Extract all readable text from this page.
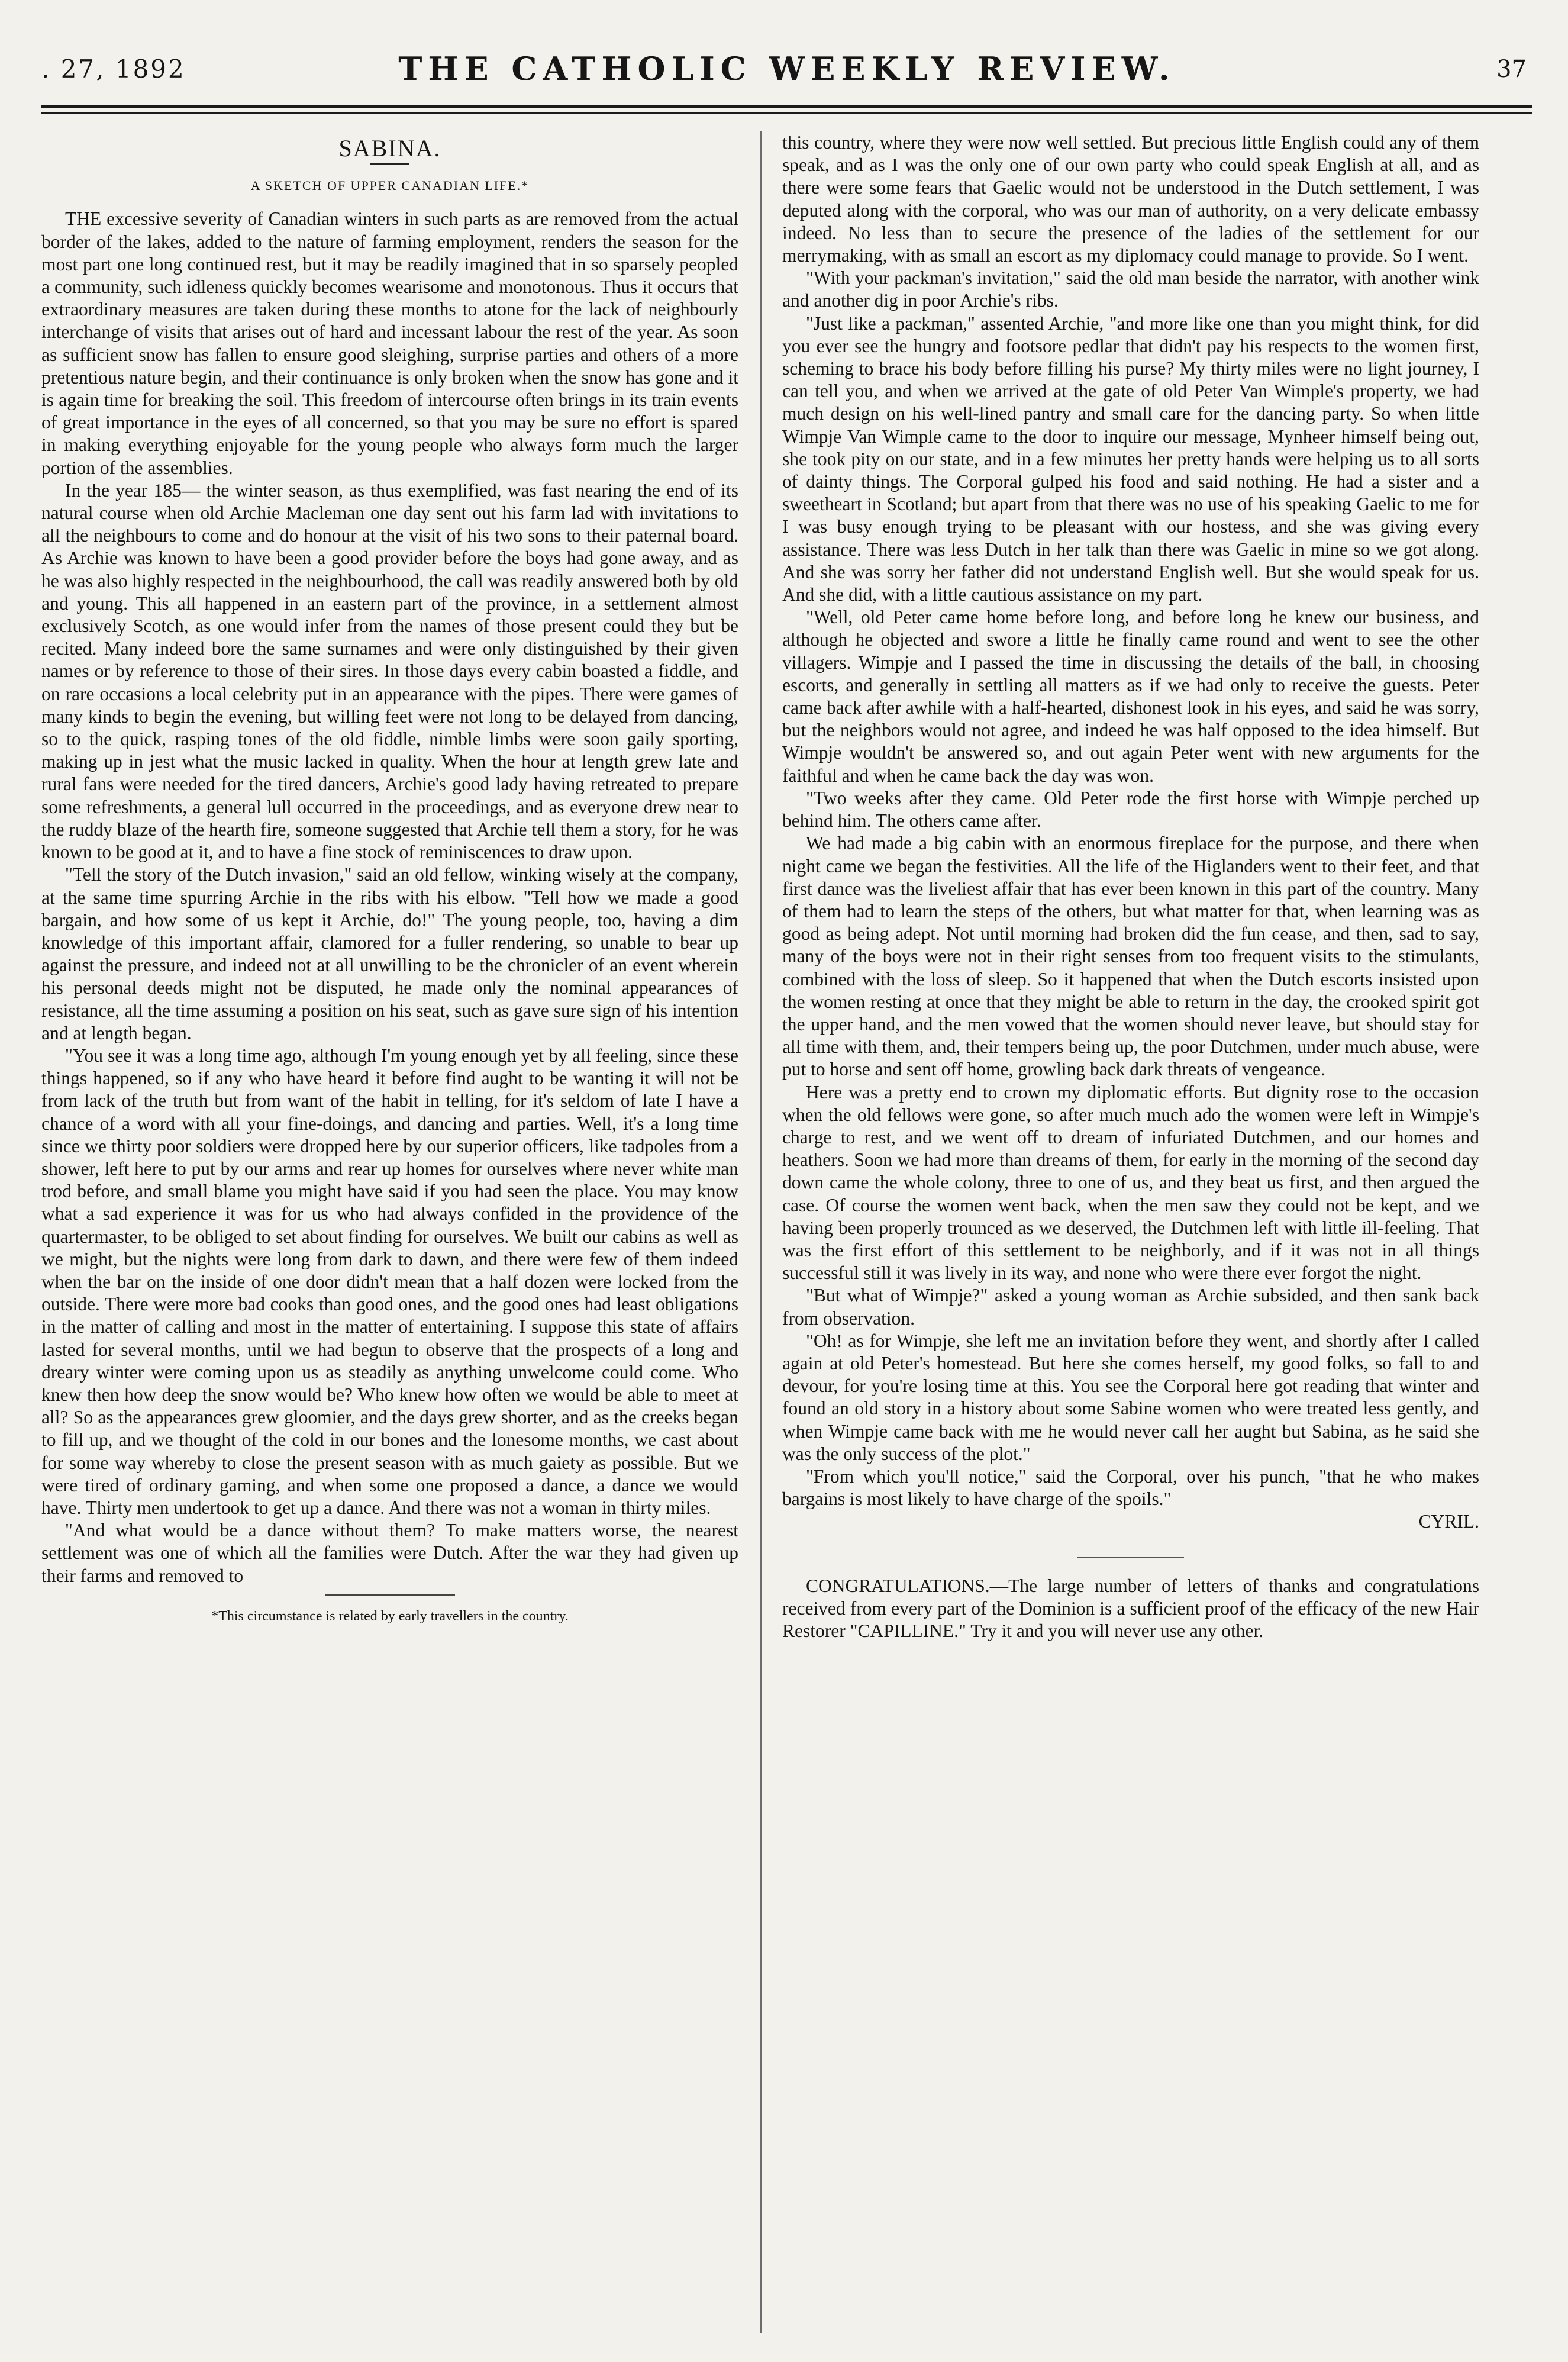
. 27, 1892	THE CATHOLIC WEEKLY REVIEW.	37
SABINA.
A SKETCH OF UPPER CANADIAN LIFE.*

THE excessive severity of Canadian winters in such parts as are removed from the actual border of the lakes, added to the nature of farming employment, renders the season for the most part one long continued rest, but it may be readily imagined that in so sparsely peopled a community, such idleness quickly becomes wearisome and monotonous. Thus it occurs that extraordinary measures are taken during these months to atone for the lack of neighbourly interchange of visits that arises out of hard and incessant labour the rest of the year. As soon as sufficient snow has fallen to ensure good sleighing, surprise parties and others of a more pretentious nature begin, and their continuance is only broken when the snow has gone and it is again time for breaking the soil. This freedom of intercourse often brings in its train events of great importance in the eyes of all concerned, so that you may be sure no effort is spared in making everything enjoyable for the young people who always form much the larger portion of the assemblies.

In the year 185— the winter season, as thus exemplified, was fast nearing the end of its natural course when old Archie Macleman one day sent out his farm lad with invitations to all the neighbours to come and do honour at the visit of his two sons to their paternal board. As Archie was known to have been a good provider before the boys had gone away, and as he was also highly respected in the neighbourhood, the call was readily answered both by old and young. This all happened in an eastern part of the province, in a settlement almost exclusively Scotch, as one would infer from the names of those present could they but be recited. Many indeed bore the same surnames and were only distinguished by their given names or by reference to those of their sires. In those days every cabin boasted a fiddle, and on rare occasions a local celebrity put in an appearance with the pipes. There were games of many kinds to begin the evening, but willing feet were not long to be delayed from dancing, so to the quick, rasping tones of the old fiddle, nimble limbs were soon gaily sporting, making up in jest what the music lacked in quality. When the hour at length grew late and rural fans were needed for the tired dancers, Archie's good lady having retreated to prepare some refreshments, a general lull occurred in the proceedings, and as everyone drew near to the ruddy blaze of the hearth fire, someone suggested that Archie tell them a story, for he was known to be good at it, and to have a fine stock of reminiscences to draw upon.

"Tell the story of the Dutch invasion," said an old fellow, winking wisely at the company, at the same time spurring Archie in the ribs with his elbow. "Tell how we made a good bargain, and how some of us kept it Archie, do!" The young people, too, having a dim knowledge of this important affair, clamored for a fuller rendering, so unable to bear up against the pressure, and indeed not at all unwilling to be the chronicler of an event wherein his personal deeds might not be disputed, he made only the nominal appearances of resistance, all the time assuming a position on his seat, such as gave sure sign of his intention and at length began.

"You see it was a long time ago, although I'm young enough yet by all feeling, since these things happened, so if any who have heard it before find aught to be wanting it will not be from lack of the truth but from want of the habit in telling, for it's seldom of late I have a chance of a word with all your fine-doings, and dancing and parties. Well, it's a long time since we thirty poor soldiers were dropped here by our superior officers, like tadpoles from a shower, left here to put by our arms and rear up homes for ourselves where never white man trod before, and small blame you might have said if you had seen the place. You may know what a sad experience it was for us who had always confided in the providence of the quartermaster, to be obliged to set about finding for ourselves. We built our cabins as well as we might, but the nights were long from dark to dawn, and there were few of them indeed when the bar on the inside of one door didn't mean that a half dozen were locked from the outside. There were more bad cooks than good ones, and the good ones had least obligations in the matter of calling and most in the matter of entertaining. I suppose this state of affairs lasted for several months, until we had begun to observe that the prospects of a long and dreary winter were coming upon us as steadily as anything unwelcome could come. Who knew then how deep the snow would be? Who knew how often we would be able to meet at all? So as the appearances grew gloomier, and the days grew shorter, and as the creeks began to fill up, and we thought of the cold in our bones and the lonesome months, we cast about for some way whereby to close the present season with as much gaiety as possible. But we were tired of ordinary gaming, and when some one proposed a dance, a dance we would have. Thirty men undertook to get up a dance. And there was not a woman in thirty miles.

"And what would be a dance without them? To make matters worse, the nearest settlement was one of which all the families were Dutch. After the war they had given up their farms and removed to

*This circumstance is related by early travellers in the country.

this country, where they were now well settled. But precious little English could any of them speak, and as I was the only one of our own party who could speak English at all, and as there were some fears that Gaelic would not be understood in the Dutch settlement, I was deputed along with the corporal, who was our man of authority, on a very delicate embassy indeed. No less than to secure the presence of the ladies of the settlement for our merrymaking, with as small an escort as my diplomacy could manage to provide. So I went.

"With your packman's invitation," said the old man beside the narrator, with another wink and another dig in poor Archie's ribs.

"Just like a packman," assented Archie, "and more like one than you might think, for did you ever see the hungry and footsore pedlar that didn't pay his respects to the women first, scheming to brace his body before filling his purse? My thirty miles were no light journey, I can tell you, and when we arrived at the gate of old Peter Van Wimple's property, we had much design on his well-lined pantry and small care for the dancing party. So when little Wimpje Van Wimple came to the door to inquire our message, Mynheer himself being out, she took pity on our state, and in a few minutes her pretty hands were helping us to all sorts of dainty things. The Corporal gulped his food and said nothing. He had a sister and a sweetheart in Scotland; but apart from that there was no use of his speaking Gaelic to me for I was busy enough trying to be pleasant with our hostess, and she was giving every assistance. There was less Dutch in her talk than there was Gaelic in mine so we got along. And she was sorry her father did not understand English well. But she would speak for us. And she did, with a little cautious assistance on my part.

"Well, old Peter came home before long, and before long he knew our business, and although he objected and swore a little he finally came round and went to see the other villagers. Wimpje and I passed the time in discussing the details of the ball, in choosing escorts, and generally in settling all matters as if we had only to receive the guests. Peter came back after awhile with a half-hearted, dishonest look in his eyes, and said he was sorry, but the neighbors would not agree, and indeed he was half opposed to the idea himself. But Wimpje wouldn't be answered so, and out again Peter went with new arguments for the faithful and when he came back the day was won.

"Two weeks after they came. Old Peter rode the first horse with Wimpje perched up behind him. The others came after.

We had made a big cabin with an enormous fireplace for the purpose, and there when night came we began the festivities. All the life of the Higlanders went to their feet, and that first dance was the liveliest affair that has ever been known in this part of the country. Many of them had to learn the steps of the others, but what matter for that, when learning was as good as being adept. Not until morning had broken did the fun cease, and then, sad to say, many of the boys were not in their right senses from too frequent visits to the stimulants, combined with the loss of sleep. So it happened that when the Dutch escorts insisted upon the women resting at once that they might be able to return in the day, the crooked spirit got the upper hand, and the men vowed that the women should never leave, but should stay for all time with them, and, their tempers being up, the poor Dutchmen, under much abuse, were put to horse and sent off home, growling back dark threats of vengeance.

Here was a pretty end to crown my diplomatic efforts. But dignity rose to the occasion when the old fellows were gone, so after much much ado the women were left in Wimpje's charge to rest, and we went off to dream of infuriated Dutchmen, and our homes and heathers. Soon we had more than dreams of them, for early in the morning of the second day down came the whole colony, three to one of us, and they beat us first, and then argued the case. Of course the women went back, when the men saw they could not be kept, and we having been properly trounced as we deserved, the Dutchmen left with little ill-feeling. That was the first effort of this settlement to be neighborly, and if it was not in all things successful still it was lively in its way, and none who were there ever forgot the night.

"But what of Wimpje?" asked a young woman as Archie subsided, and then sank back from observation.

"Oh! as for Wimpje, she left me an invitation before they went, and shortly after I called again at old Peter's homestead. But here she comes herself, my good folks, so fall to and devour, for you're losing time at this. You see the Corporal here got reading that winter and found an old story in a history about some Sabine women who were treated less gently, and when Wimpje came back with me he would never call her aught but Sabina, as he said she was the only success of the plot."

"From which you'll notice," said the Corporal, over his punch, "that he who makes bargains is most likely to have charge of the spoils."

CYRIL.

CONGRATULATIONS.—The large number of letters of thanks and congratulations received from every part of the Dominion is a sufficient proof of the efficacy of the new Hair Restorer "CAPILLINE." Try it and you will never use any other.
